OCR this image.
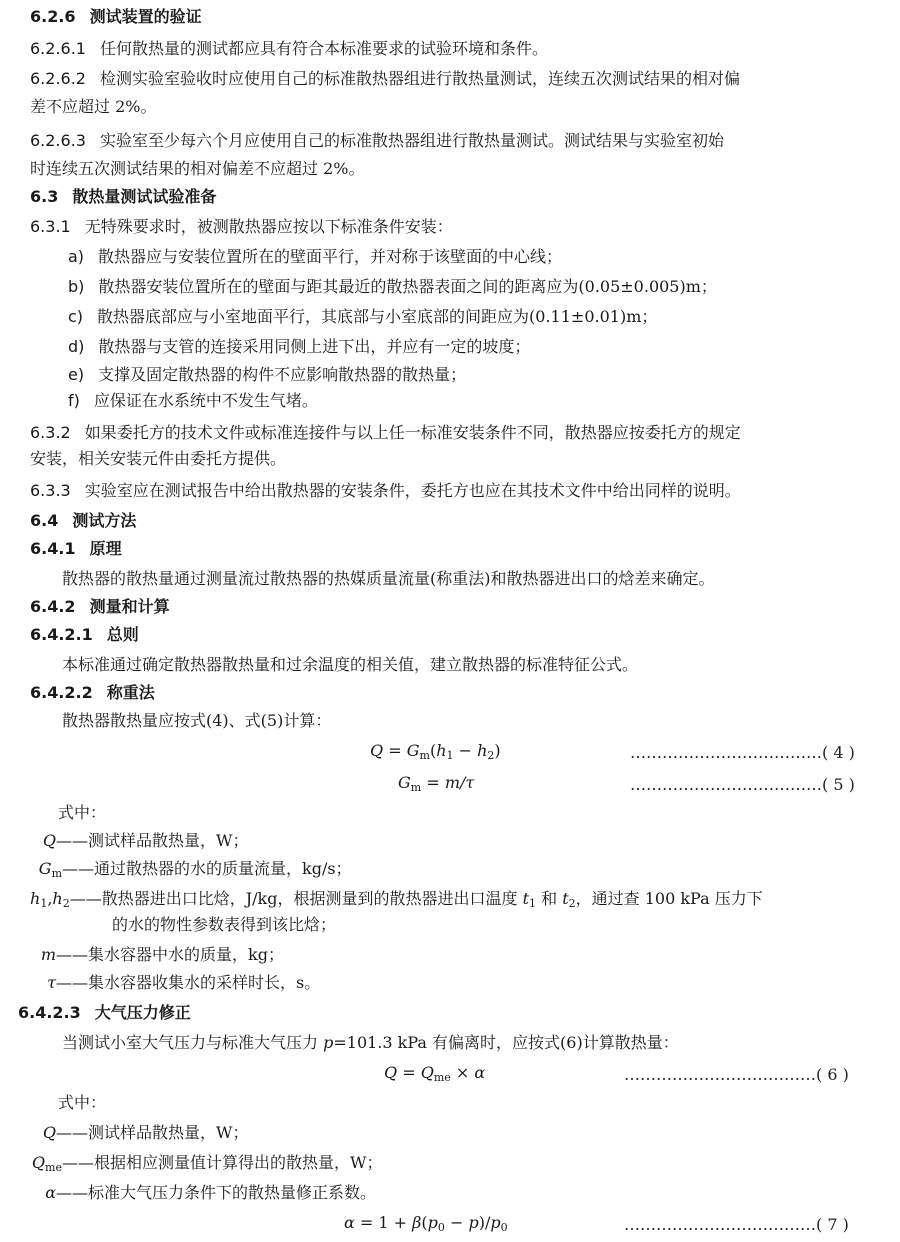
6.2.6 测试装置的验证
6.2.6.1 任何散热量的测试都应具有符合本标准要求的试验环境和条件。
6.2.6.2 检测实验室验收时应使用自己的标准散热器组进行散热量测试，连续五次测试结果的相对偏
差不应超过 2%。
6.2.6.3 实验室至少每六个月应使用自己的标准散热器组进行散热量测试。测试结果与实验室初始
时连续五次测试结果的相对偏差不应超过 2%。
6.3 散热量测试试验准备
6.3.1 无特殊要求时，被测散热器应按以下标准条件安装：
a) 散热器应与安装位置所在的壁面平行，并对称于该壁面的中心线；
b) 散热器安装位置所在的壁面与距其最近的散热器表面之间的距离应为(0.05±0.005)m；
c) 散热器底部应与小室地面平行，其底部与小室底部的间距应为(0.11±0.01)m；
d) 散热器与支管的连接采用同侧上进下出，并应有一定的坡度；
e) 支撑及固定散热器的构件不应影响散热器的散热量；
f) 应保证在水系统中不发生气堵。
6.3.2 如果委托方的技术文件或标准连接件与以上任一标准安装条件不同，散热器应按委托方的规定
安装，相关安装元件由委托方提供。
6.3.3 实验室应在测试报告中给出散热器的安装条件，委托方也应在其技术文件中给出同样的说明。
6.4 测试方法
6.4.1 原理
散热器的散热量通过测量流过散热器的热媒质量流量(称重法)和散热器进出口的焓差来确定。
6.4.2 测量和计算
6.4.2.1 总则
本标准通过确定散热器散热量和过余温度的相关值，建立散热器的标准特征公式。
6.4.2.2 称重法
散热器散热量应按式(4)、式(5)计算：
$Q = G_m(h_1 - h_2)$	………………………………( 4 )
$G_m = m/\tau$	………………………………( 5 )
式中：
Q——测试样品散热量，W；
$G_m——$通过散热器的水的质量流量，kg/s；
$h_1,h_2——$散热器进出口比焓，J/kg，根据测量到的散热器进出口温度 $t_1$ 和 $t_2$，通过查 100 kPa 压力下
的水的物性参数表得到该比焓；
m——集水容器中水的质量，kg；
τ——集水容器收集水的采样时长，s。
6.4.2.3 大气压力修正
当测试小室大气压力与标准大气压力 p=101.3 kPa 有偏离时，应按式(6)计算散热量：
$Q = Q_{me} \times \alpha$	………………………………( 6 )
式中：
Q——测试样品散热量，W；
$Q_{me}——$根据相应测量值计算得出的散热量，W；
α——标准大气压力条件下的散热量修正系数。
$\alpha = 1 + \beta(p_0 - p)/p_0$	………………………………( 7 )
